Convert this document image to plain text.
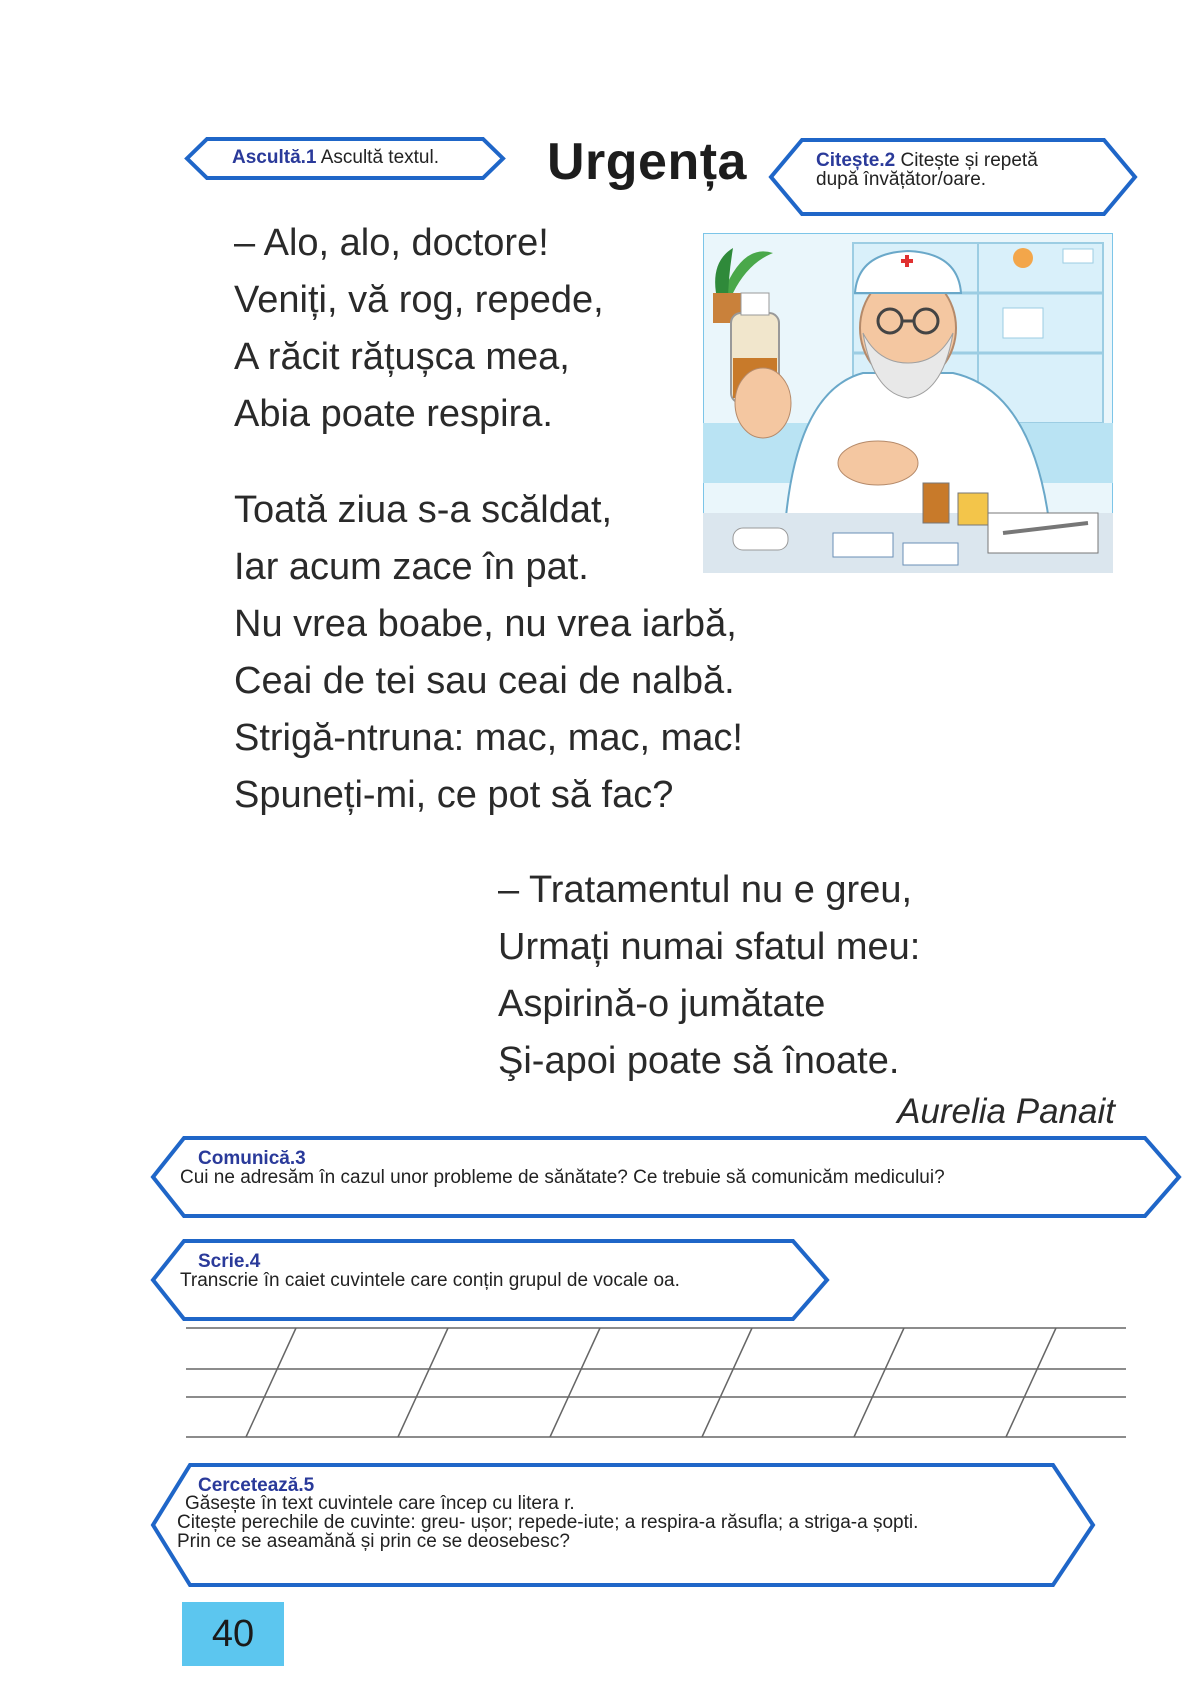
Ascultă.1 Ascultă textul. Urgența	Citește.2 Citește și repetă
după învățător/oare.
– Alo, alo, doctore!
Veniți, vă rog, repede,
A răcit rățușca mea,
Abia poate respira.
Toată ziua s-a scăldat,
Iar acum zace în pat.
Nu vrea boabe, nu vrea iarbă,
Ceai de tei sau ceai de nalbă.
Strigă-ntruna: mac, mac, mac!
Spuneți-mi, ce pot să fac?
– Tratamentul nu e greu,
Urmați numai sfatul meu:
Aspirină-o jumătate
Şi-apoi poate să înoate.
Aurelia Panait
Comunică.3
Cui ne adresăm în cazul unor probleme de sănătate? Ce trebuie să comunicăm medicului?
Scrie.4
Transcrie în caiet cuvintele care conțin grupul de vocale oa.
Cercetează.5
Găsește în text cuvintele care încep cu litera r.
Citește perechile de cuvinte: greu- ușor; repede-iute; a respira-a răsufla; a striga-a șopti.
Prin ce se aseamănă și prin ce se deosebesc?
40
